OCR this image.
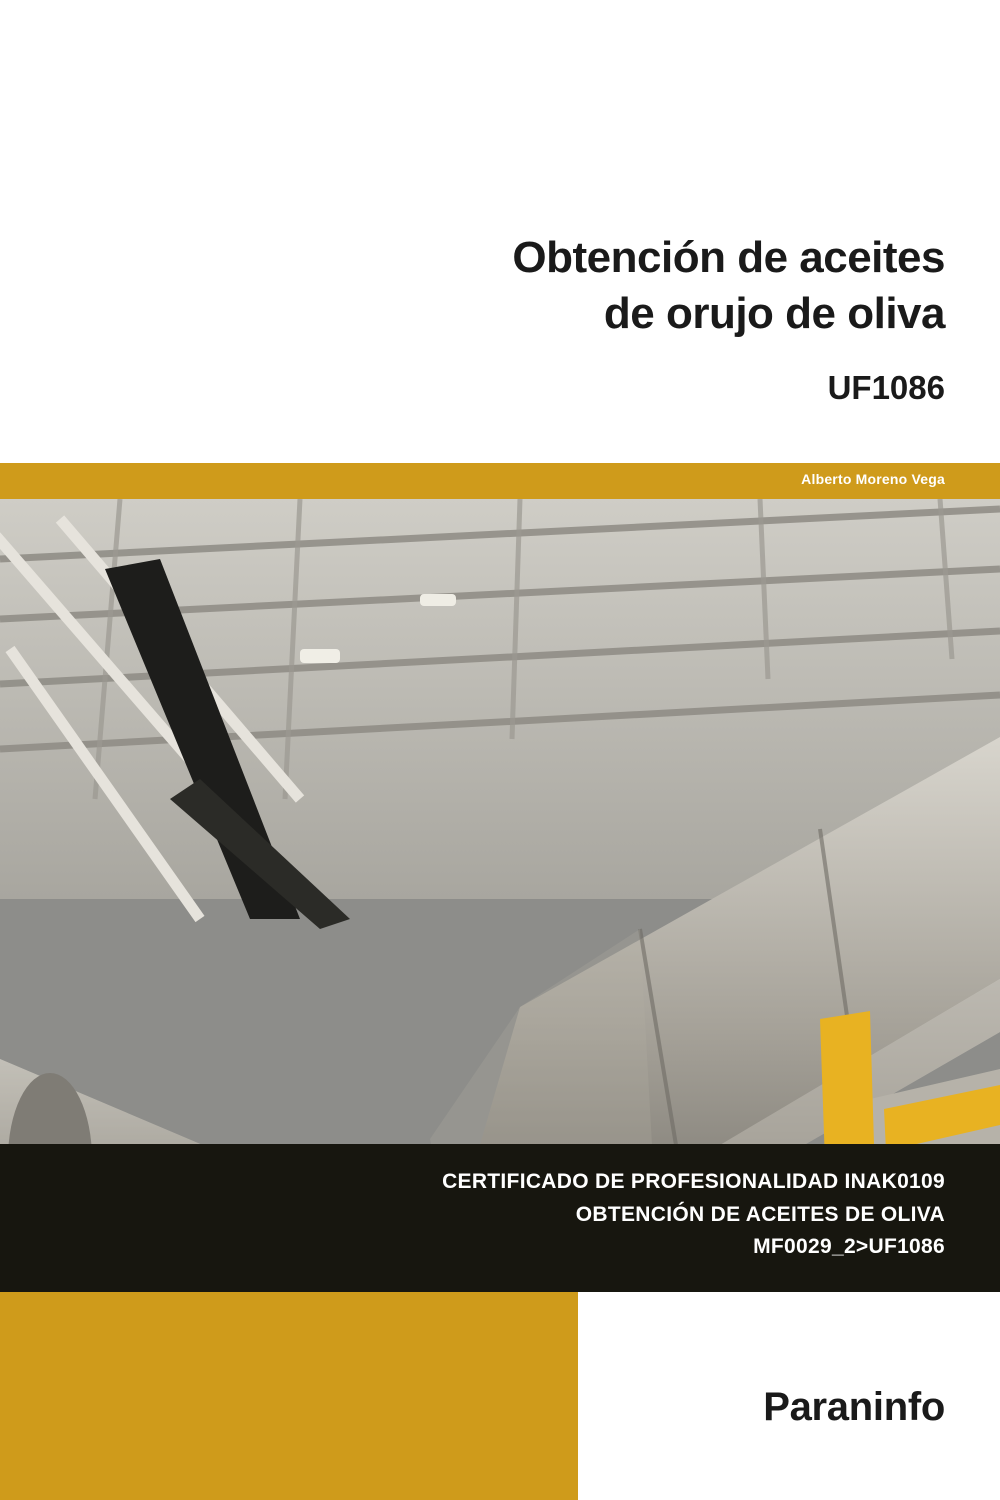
Obtención de aceites
de orujo de oliva
UF1086
Alberto Moreno Vega
CERTIFICADO DE PROFESIONALIDAD INAK0109
OBTENCIÓN DE ACEITES DE OLIVA
MF0029_2>UF1086
Paraninfo
